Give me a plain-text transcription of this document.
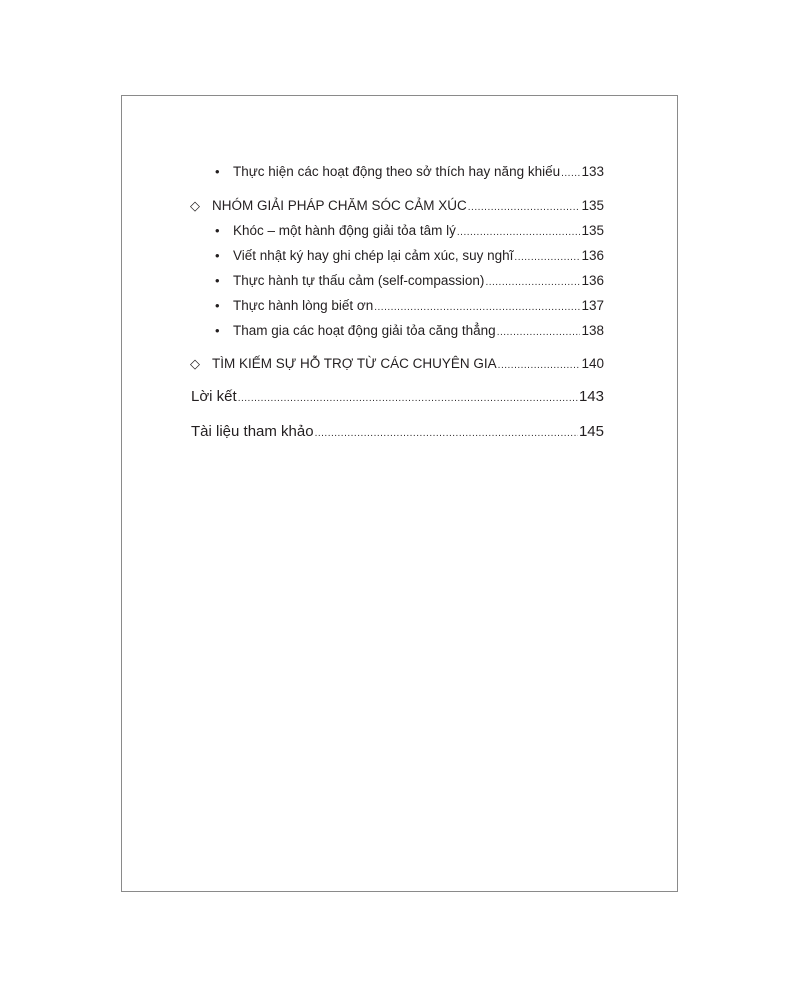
• Thực hiện các hoạt động theo sở thích hay năng khiếu ..... 133
◇ NHÓM GIẢI PHÁP CHĂM SÓC CẢM XÚC .....	135
• Khóc – một hành động giải tỏa tâm lý .....	135
• Viết nhật ký hay ghi chép lại cảm xúc, suy nghĩ .....	136
• Thực hành tự thấu cảm (self-compassion) .....	136
• Thực hành lòng biết ơn .....	137
• Tham gia các hoạt động giải tỏa căng thẳng .....	138
◇ TÌM KIẾM SỰ HỖ TRỢ TỪ CÁC CHUYÊN GIA .....	140
Lời kết .....	143
Tài liệu tham khảo .....	145
